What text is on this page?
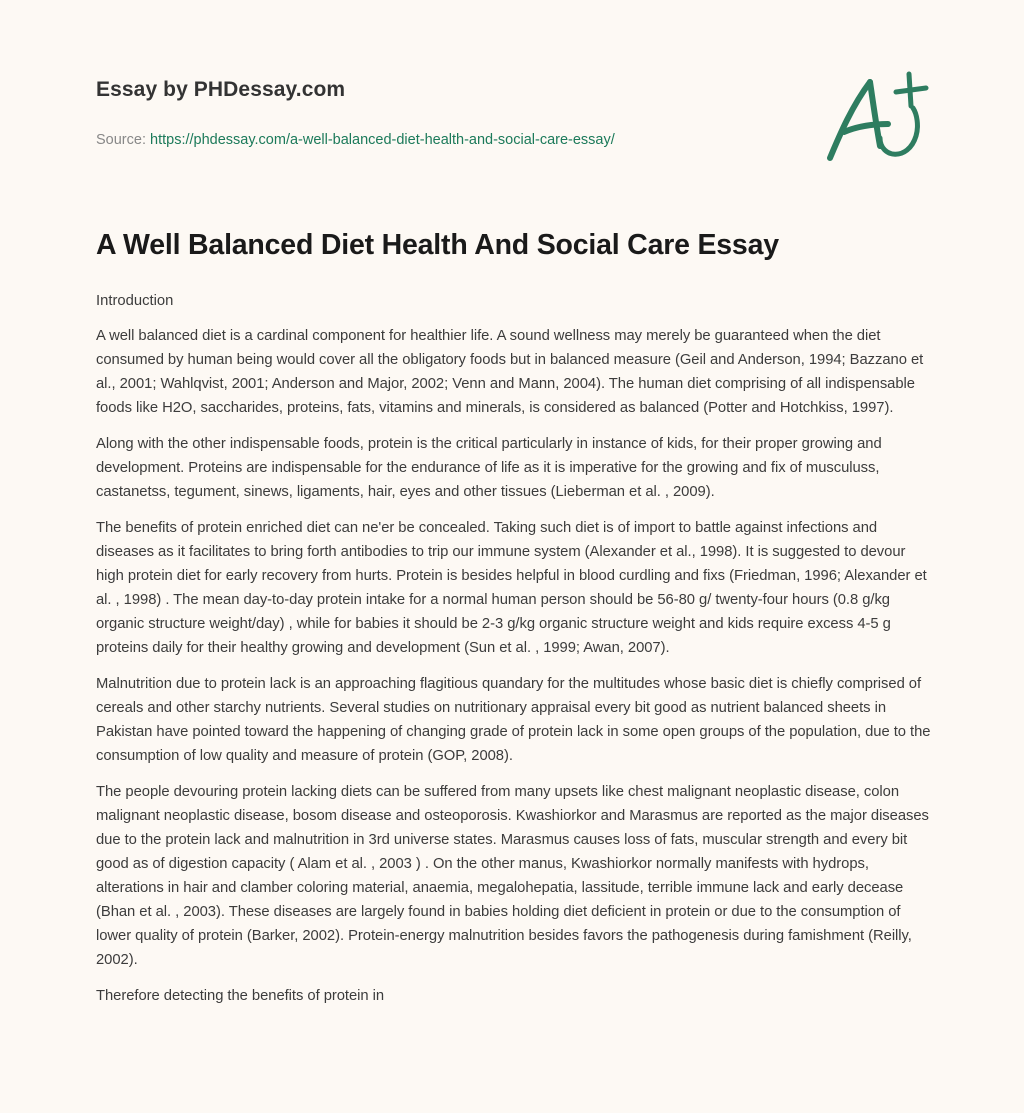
Essay by PHDessay.com
Source: https://phdessay.com/a-well-balanced-diet-health-and-social-care-essay/
A Well Balanced Diet Health And Social Care Essay
Introduction

A well balanced diet is a cardinal component for healthier life. A sound wellness may merely be guaranteed when the diet consumed by human being would cover all the obligatory foods but in balanced measure (Geil and Anderson, 1994; Bazzano et al., 2001; Wahlqvist, 2001; Anderson and Major, 2002; Venn and Mann, 2004). The human diet comprising of all indispensable foods like H2O, saccharides, proteins, fats, vitamins and minerals, is considered as balanced (Potter and Hotchkiss, 1997).

Along with the other indispensable foods, protein is the critical particularly in instance of kids, for their proper growing and development. Proteins are indispensable for the endurance of life as it is imperative for the growing and fix of musculuss, castanetss, tegument, sinews, ligaments, hair, eyes and other tissues (Lieberman et al. , 2009).

The benefits of protein enriched diet can ne'er be concealed. Taking such diet is of import to battle against infections and diseases as it facilitates to bring forth antibodies to trip our immune system (Alexander et al., 1998). It is suggested to devour high protein diet for early recovery from hurts. Protein is besides helpful in blood curdling and fixs (Friedman, 1996; Alexander et al. , 1998) . The mean day-to-day protein intake for a normal human person should be 56-80 g/ twenty-four hours (0.8 g/kg organic structure weight/day) , while for babies it should be 2-3 g/kg organic structure weight and kids require excess 4-5 g proteins daily for their healthy growing and development (Sun et al. , 1999; Awan, 2007).

Malnutrition due to protein lack is an approaching flagitious quandary for the multitudes whose basic diet is chiefly comprised of cereals and other starchy nutrients. Several studies on nutritionary appraisal every bit good as nutrient balanced sheets in Pakistan have pointed toward the happening of changing grade of protein lack in some open groups of the population, due to the consumption of low quality and measure of protein (GOP, 2008).

The people devouring protein lacking diets can be suffered from many upsets like chest malignant neoplastic disease, colon malignant neoplastic disease, bosom disease and osteoporosis. Kwashiorkor and Marasmus are reported as the major diseases due to the protein lack and malnutrition in 3rd universe states. Marasmus causes loss of fats, muscular strength and every bit good as of digestion capacity ( Alam et al. , 2003 ) . On the other manus, Kwashiorkor normally manifests with hydrops, alterations in hair and clamber coloring material, anaemia, megalohepatia, lassitude, terrible immune lack and early decease (Bhan et al. , 2003). These diseases are largely found in babies holding diet deficient in protein or due to the consumption of lower quality of protein (Barker, 2002). Protein-energy malnutrition besides favors the pathogenesis during famishment (Reilly, 2002).

Therefore detecting the benefits of protein in
